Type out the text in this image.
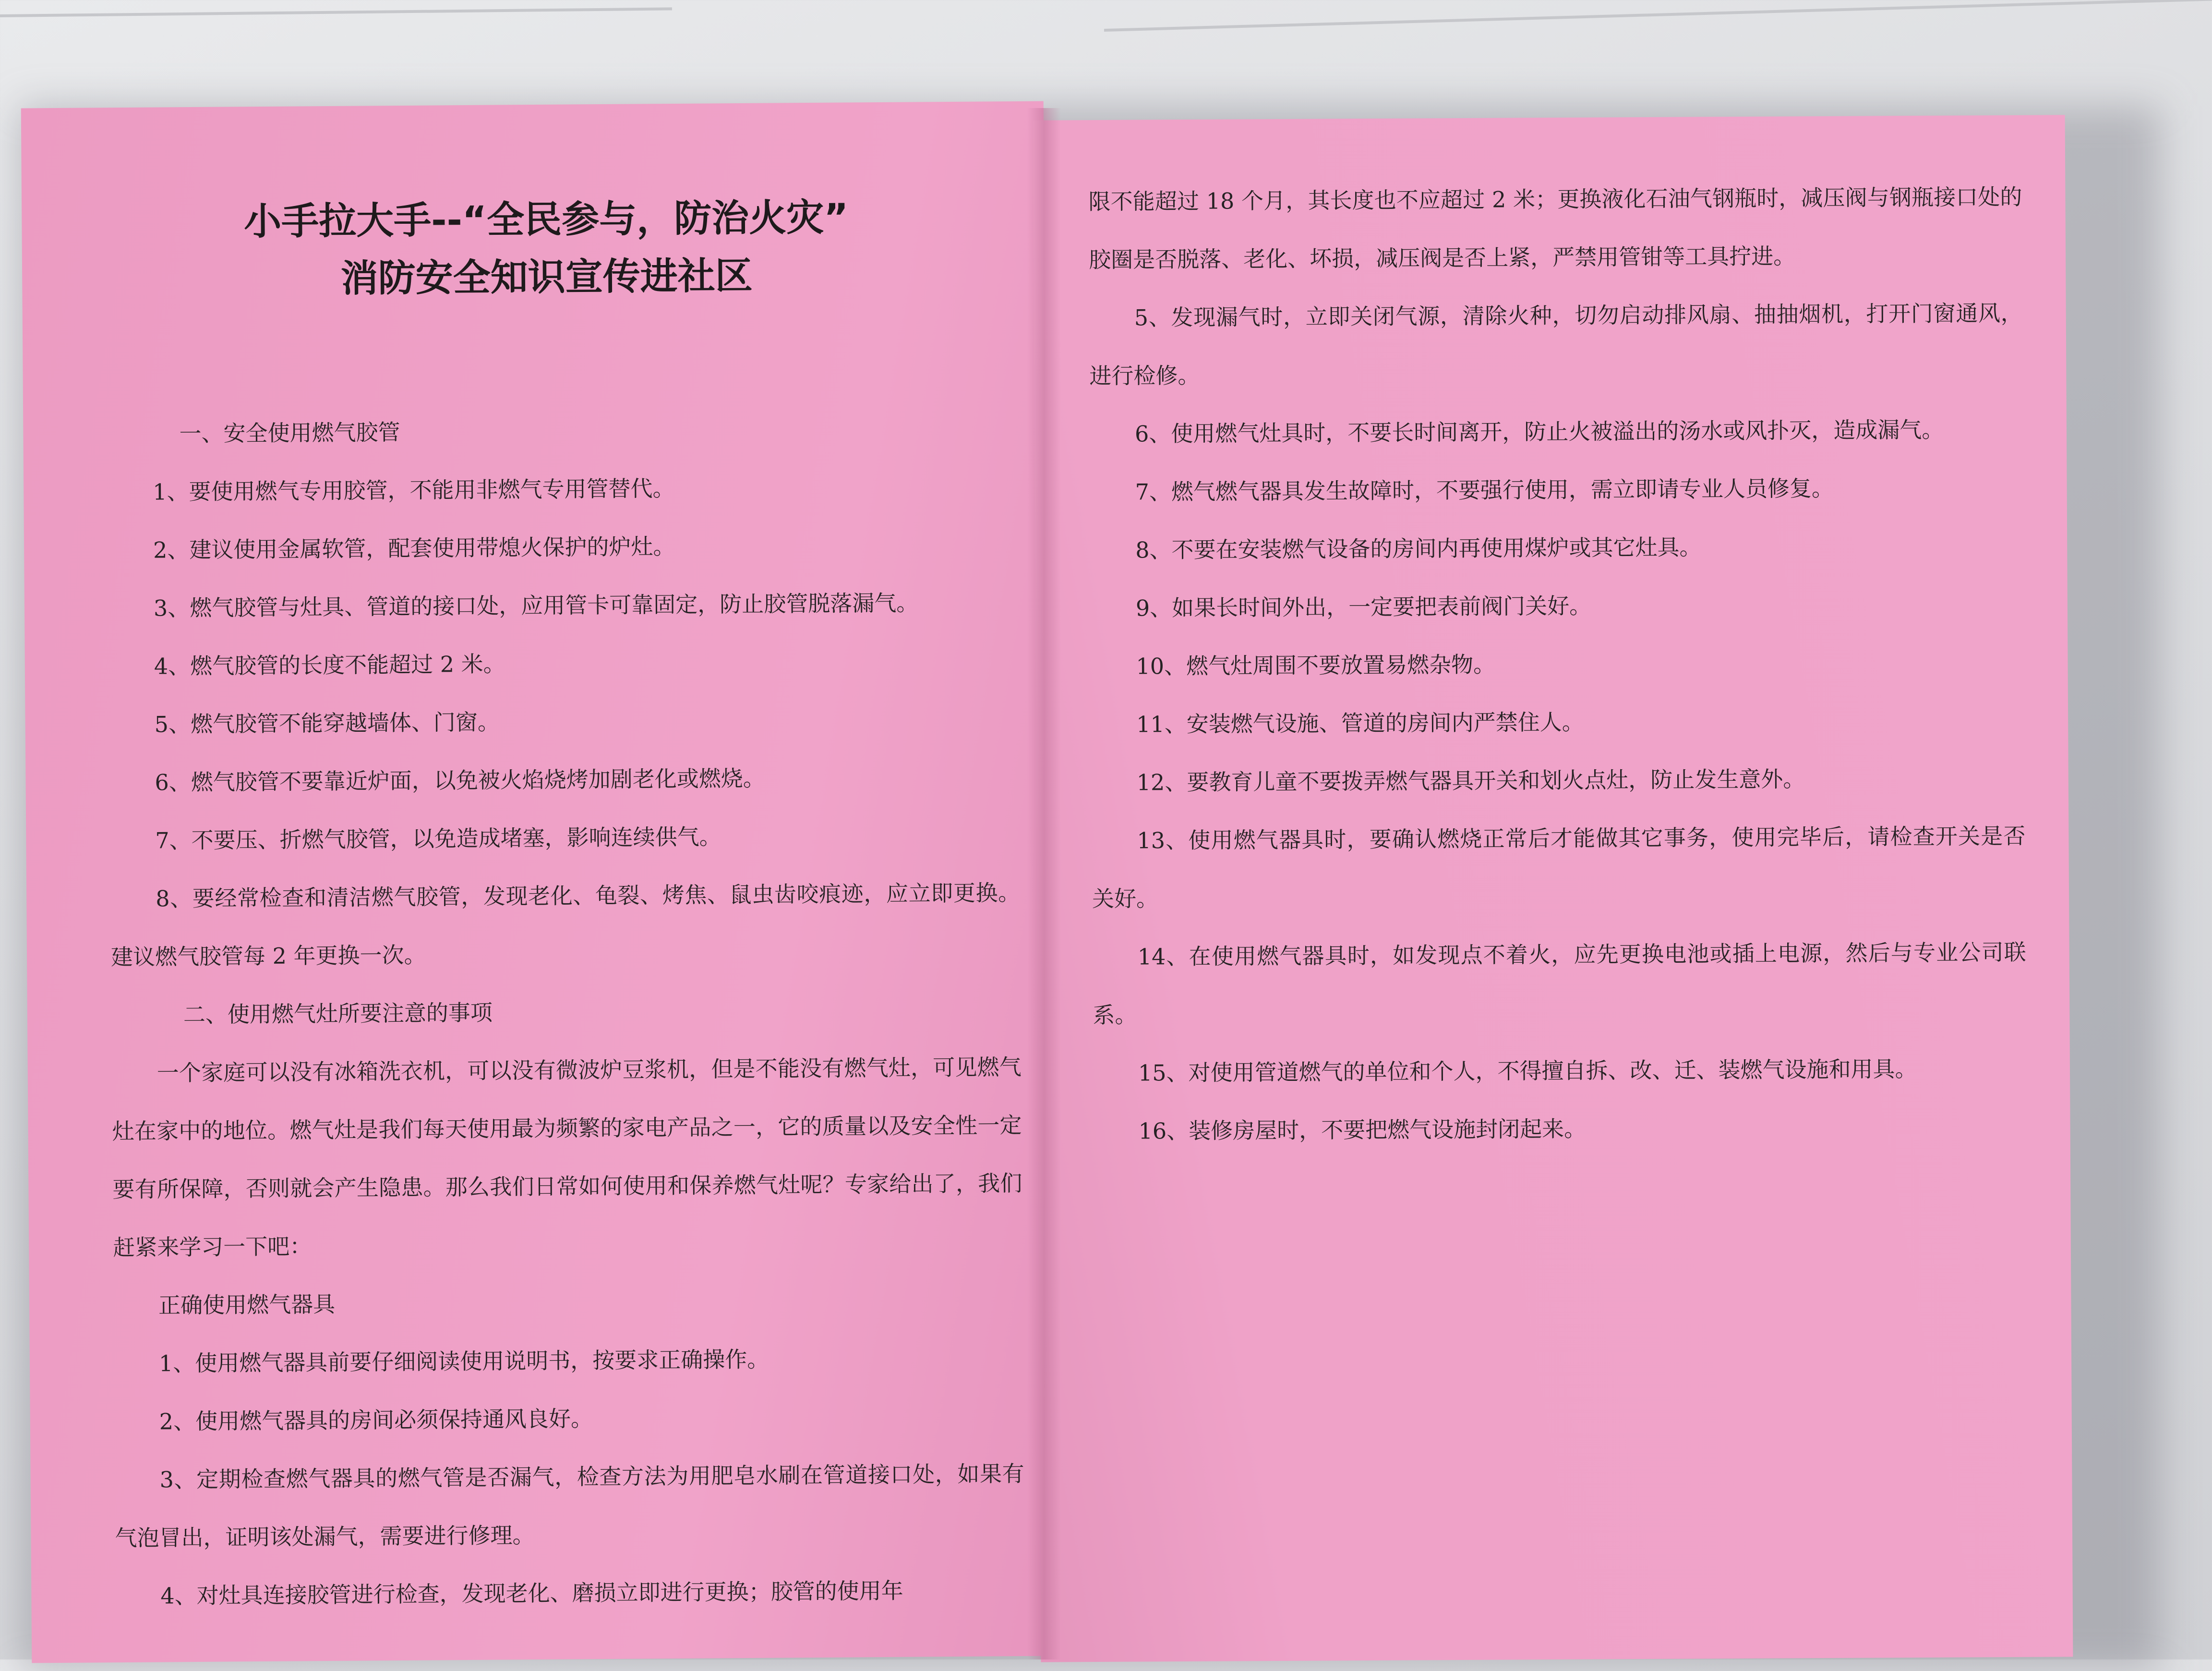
小手拉大手--“全民参与，防治火灾”
消防安全知识宣传进社区

一、安全使用燃气胶管

1、要使用燃气专用胶管，不能用非燃气专用管替代。

2、建议使用金属软管，配套使用带熄火保护的炉灶。

3、燃气胶管与灶具、管道的接口处，应用管卡可靠固定，防止胶管脱落漏气。

4、燃气胶管的长度不能超过 2 米。

5、燃气胶管不能穿越墙体、门窗。

6、燃气胶管不要靠近炉面，以免被火焰烧烤加剧老化或燃烧。

7、不要压、折燃气胶管，以免造成堵塞，影响连续供气。

8、要经常检查和清洁燃气胶管，发现老化、龟裂、烤焦、鼠虫齿咬痕迹，应立即更换。建议燃气胶管每 2 年更换一次。

二、使用燃气灶所要注意的事项

一个家庭可以没有冰箱洗衣机，可以没有微波炉豆浆机，但是不能没有燃气灶，可见燃气灶在家中的地位。燃气灶是我们每天使用最为频繁的家电产品之一，它的质量以及安全性一定要有所保障，否则就会产生隐患。那么我们日常如何使用和保养燃气灶呢？专家给出了，我们赶紧来学习一下吧：

正确使用燃气器具

1、使用燃气器具前要仔细阅读使用说明书，按要求正确操作。

2、使用燃气器具的房间必须保持通风良好。

3、定期检查燃气器具的燃气管是否漏气，检查方法为用肥皂水刷在管道接口处，如果有气泡冒出，证明该处漏气，需要进行修理。

4、对灶具连接胶管进行检查，发现老化、磨损立即进行更换；胶管的使用年

限不能超过 18 个月，其长度也不应超过 2 米；更换液化石油气钢瓶时，减压阀与钢瓶接口处的胶圈是否脱落、老化、坏损，减压阀是否上紧，严禁用管钳等工具拧进。

5、发现漏气时，立即关闭气源，清除火种，切勿启动排风扇、抽抽烟机，打开门窗通风，进行检修。

6、使用燃气灶具时，不要长时间离开，防止火被溢出的汤水或风扑灭，造成漏气。

7、燃气燃气器具发生故障时，不要强行使用，需立即请专业人员修复。

8、不要在安装燃气设备的房间内再使用煤炉或其它灶具。

9、如果长时间外出，一定要把表前阀门关好。

10、燃气灶周围不要放置易燃杂物。

11、安装燃气设施、管道的房间内严禁住人。

12、要教育儿童不要拨弄燃气器具开关和划火点灶，防止发生意外。

13、使用燃气器具时，要确认燃烧正常后才能做其它事务，使用完毕后，请检查开关是否关好。

14、在使用燃气器具时，如发现点不着火，应先更换电池或插上电源，然后与专业公司联系。

15、对使用管道燃气的单位和个人，不得擅自拆、改、迁、装燃气设施和用具。

16、装修房屋时，不要把燃气设施封闭起来。
